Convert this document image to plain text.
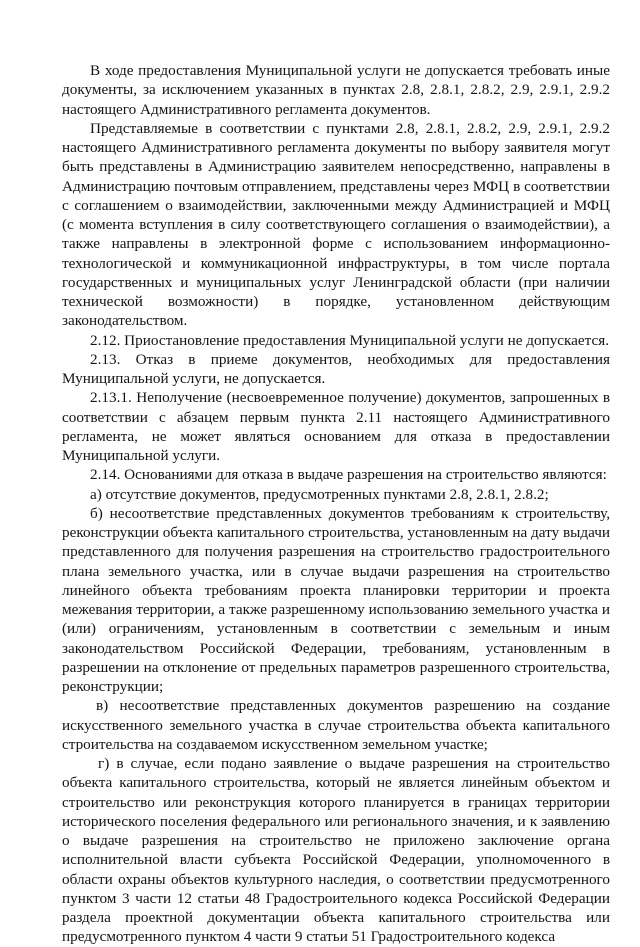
В ходе предоставления Муниципальной услуги не допускается требовать иные документы, за исключением указанных в пунктах 2.8, 2.8.1, 2.8.2, 2.9, 2.9.1, 2.9.2 настоящего Административного регламента документов.

Представляемые в соответствии с пунктами 2.8, 2.8.1, 2.8.2, 2.9, 2.9.1, 2.9.2 настоящего Административного регламента документы по выбору заявителя могут быть представлены в Администрацию заявителем непосредственно, направлены в Администрацию почтовым отправлением, представлены через МФЦ в соответствии с соглашением о взаимодействии, заключенными между Администрацией и МФЦ (с момента вступления в силу соответствующего соглашения о взаимодействии), а также направлены в электронной форме с использованием информационно-технологической и коммуникационной инфраструктуры, в том числе портала государственных и муниципальных услуг Ленинградской области (при наличии технической возможности) в порядке, установленном действующим законодательством.

2.12. Приостановление предоставления Муниципальной услуги не допускается.

2.13. Отказ в приеме документов, необходимых для предоставления Муниципальной услуги, не допускается.

2.13.1. Неполучение (несвоевременное получение) документов, запрошенных в соответствии с абзацем первым пункта 2.11 настоящего Административного регламента, не может являться основанием для отказа в предоставлении Муниципальной услуги.

2.14. Основаниями для отказа в выдаче разрешения на строительство являются:

а) отсутствие документов, предусмотренных пунктами 2.8, 2.8.1, 2.8.2;

б) несоответствие представленных документов требованиям к строительству, реконструкции объекта капитального строительства, установленным на дату выдачи представленного для получения разрешения на строительство градостроительного плана земельного участка, или в случае выдачи разрешения на строительство линейного объекта требованиям проекта планировки территории и проекта межевания территории, а также разрешенному использованию земельного участка и (или) ограничениям, установленным в соответствии с земельным и иным законодательством Российской Федерации, требованиям, установленным в разрешении на отклонение от предельных параметров разрешенного строительства, реконструкции;

в) несоответствие представленных документов разрешению на создание искусственного земельного участка в случае строительства объекта капитального строительства на создаваемом искусственном земельном участке;

г) в случае, если подано заявление о выдаче разрешения на строительство объекта капитального строительства, который не является линейным объектом и строительство или реконструкция которого планируется в границах территории исторического поселения федерального или регионального значения, и к заявлению о выдаче разрешения на строительство не приложено заключение органа исполнительной власти субъекта Российской Федерации, уполномоченного в области охраны объектов культурного наследия, о соответствии предусмотренного пунктом 3 части 12 статьи 48 Градостроительного кодекса Российской Федерации раздела проектной документации объекта капитального строительства или предусмотренного пунктом 4 части 9 статьи 51 Градостроительного кодекса
